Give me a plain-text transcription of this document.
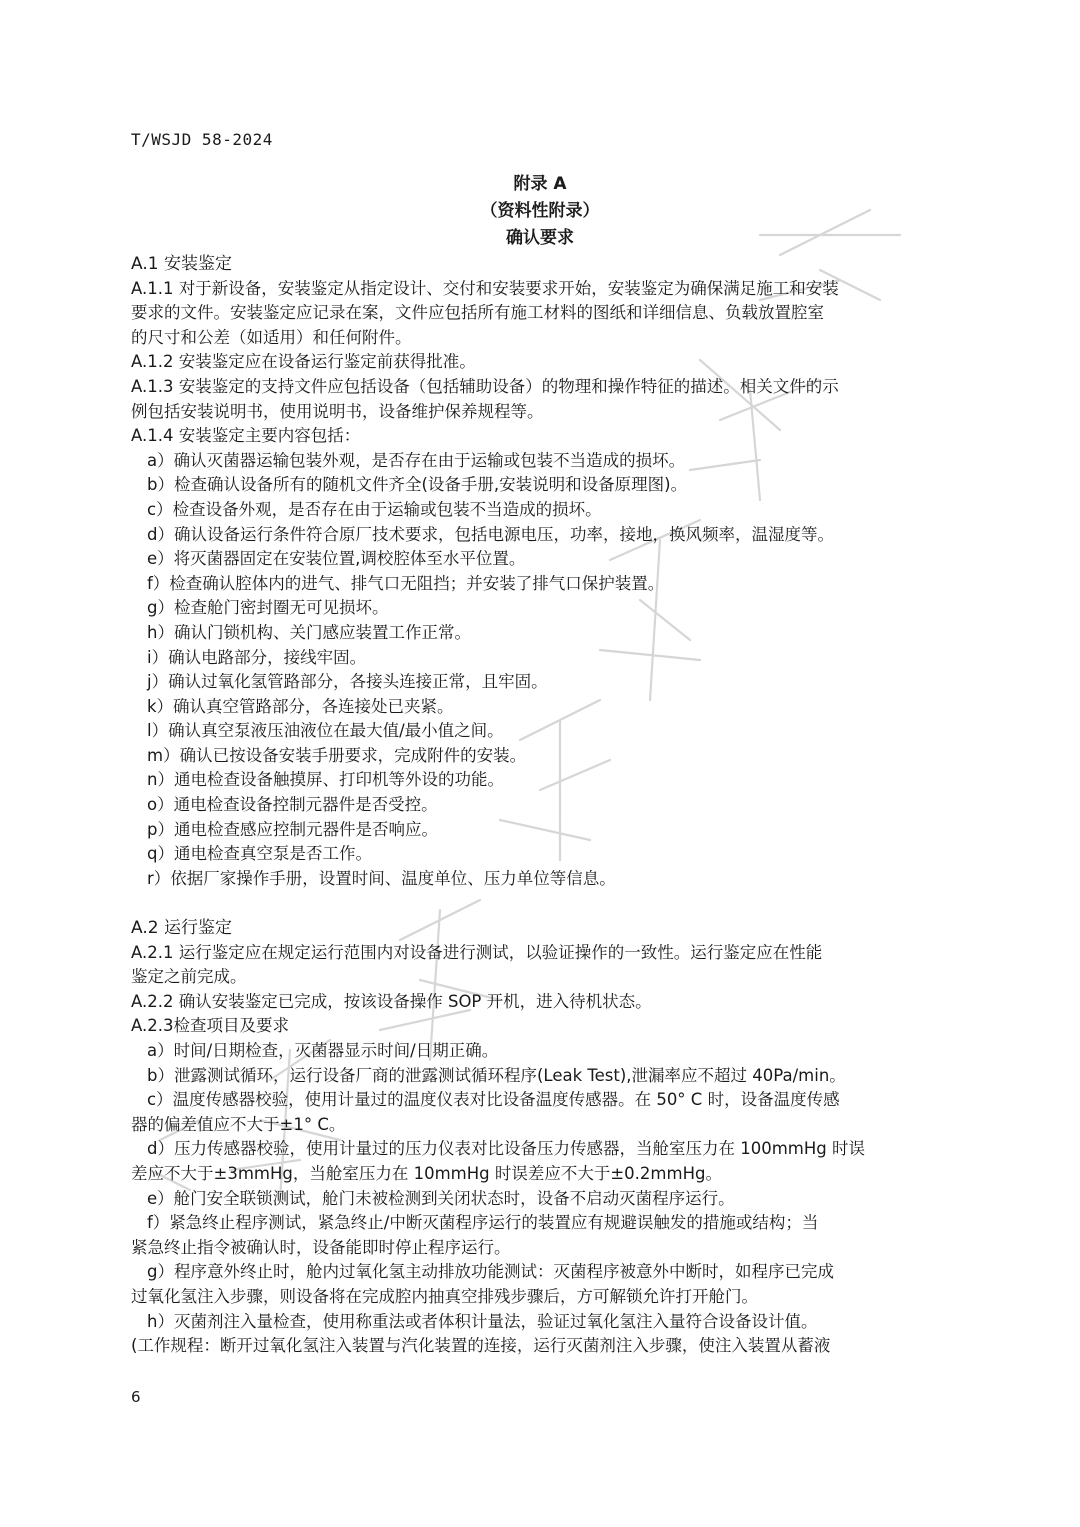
T/WSJD 58-2024
附录 A
（资料性附录）
确认要求
A.1 安装鉴定
A.1.1 对于新设备，安装鉴定从指定设计、交付和安装要求开始，安装鉴定为确保满足施工和安装
要求的文件。安装鉴定应记录在案，文件应包括所有施工材料的图纸和详细信息、负载放置腔室
的尺寸和公差（如适用）和任何附件。
A.1.2 安装鉴定应在设备运行鉴定前获得批准。
A.1.3 安装鉴定的支持文件应包括设备（包括辅助设备）的物理和操作特征的描述。相关文件的示
例包括安装说明书，使用说明书，设备维护保养规程等。
A.1.4 安装鉴定主要内容包括：
a）确认灭菌器运输包装外观，是否存在由于运输或包装不当造成的损坏。
b）检查确认设备所有的随机文件齐全(设备手册,安装说明和设备原理图)。
c）检查设备外观，是否存在由于运输或包装不当造成的损坏。
d）确认设备运行条件符合原厂技术要求，包括电源电压，功率，接地，换风频率，温湿度等。
e）将灭菌器固定在安装位置,调校腔体至水平位置。
f）检查确认腔体内的进气、排气口无阻挡；并安装了排气口保护装置。
g）检查舱门密封圈无可见损坏。
h）确认门锁机构、关门感应装置工作正常。
i）确认电路部分，接线牢固。
j）确认过氧化氢管路部分，各接头连接正常，且牢固。
k）确认真空管路部分，各连接处已夹紧。
l）确认真空泵液压油液位在最大值/最小值之间。
m）确认已按设备安装手册要求，完成附件的安装。
n）通电检查设备触摸屏、打印机等外设的功能。
o）通电检查设备控制元器件是否受控。
p）通电检查感应控制元器件是否响应。
q）通电检查真空泵是否工作。
r）依据厂家操作手册，设置时间、温度单位、压力单位等信息。
A.2 运行鉴定
A.2.1 运行鉴定应在规定运行范围内对设备进行测试，以验证操作的一致性。运行鉴定应在性能
鉴定之前完成。
A.2.2 确认安装鉴定已完成，按该设备操作 SOP 开机，进入待机状态。
A.2.3检查项目及要求
a）时间/日期检查，灭菌器显示时间/日期正确。
b）泄露测试循环，运行设备厂商的泄露测试循环程序(Leak Test),泄漏率应不超过 40Pa/min。
c）温度传感器校验，使用计量过的温度仪表对比设备温度传感器。在 50° C 时，设备温度传感
器的偏差值应不大于±1° C。
d）压力传感器校验，使用计量过的压力仪表对比设备压力传感器，当舱室压力在 100mmHg 时误
差应不大于±3mmHg，当舱室压力在 10mmHg 时误差应不大于±0.2mmHg。
e）舱门安全联锁测试，舱门未被检测到关闭状态时，设备不启动灭菌程序运行。
f）紧急终止程序测试，紧急终止/中断灭菌程序运行的装置应有规避误触发的措施或结构；当
紧急终止指令被确认时，设备能即时停止程序运行。
g）程序意外终止时，舱内过氧化氢主动排放功能测试：灭菌程序被意外中断时，如程序已完成
过氧化氢注入步骤，则设备将在完成腔内抽真空排残步骤后，方可解锁允许打开舱门。
h）灭菌剂注入量检查，使用称重法或者体积计量法，验证过氧化氢注入量符合设备设计值。
(工作规程：断开过氧化氢注入装置与汽化装置的连接，运行灭菌剂注入步骤，使注入装置从蓄液
6
